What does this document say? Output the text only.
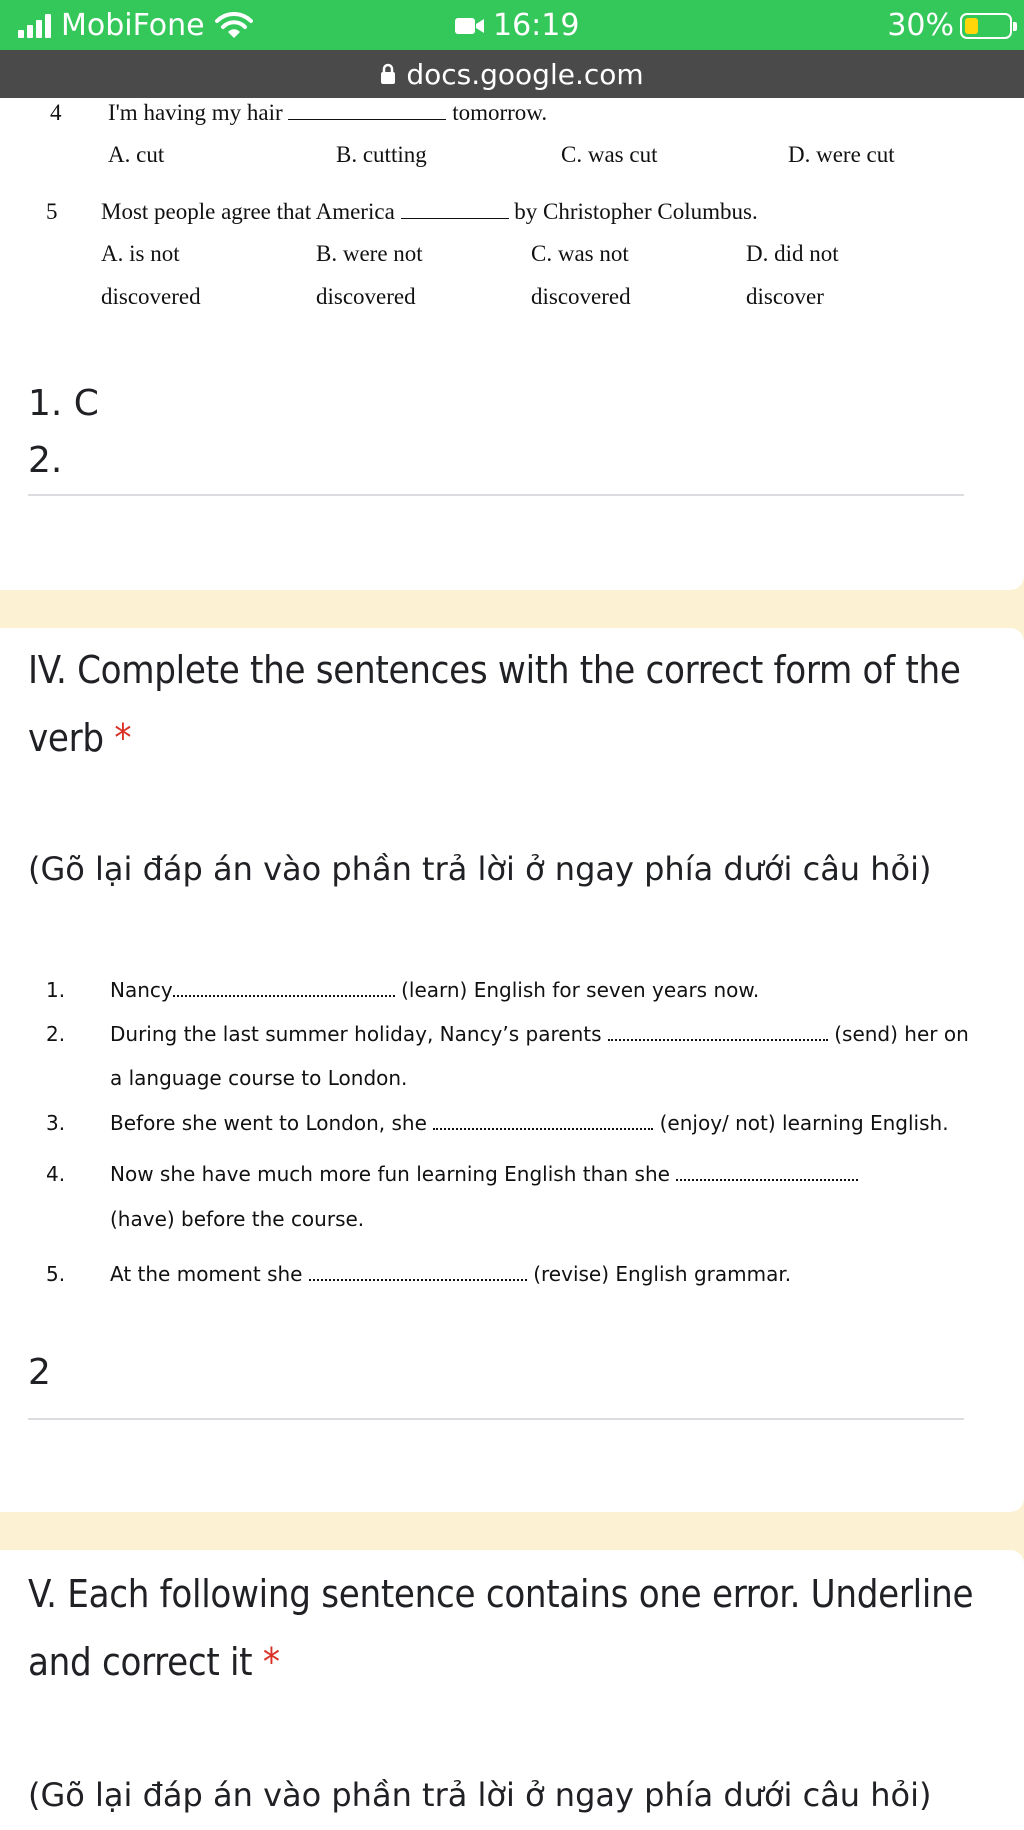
MobiFone	16:19	30%
docs.google.com
4 I'm having my hair	tomorrow.
A. cut	B. cutting	C. was cut	D. were cut
5 Most people agree that America	by Christopher Columbus.
A. is not
discovered
B. were not
discovered
C. was not
discovered
D. did not
discover
1. C
2.
IV. Complete the sentences with the correct form of the verb *
(Gõ lại đáp án vào phần trả lời ở ngay phía dưới câu hỏi)
1. Nancy	(learn) English for seven years now.
2. During the last summer holiday, Nancy’s parents	(send) her on
a language course to London.
3. Before she went to London, she	(enjoy/ not) learning English.
4. Now she have much more fun learning English than she
(have) before the course.
5. At the moment she	(revise) English grammar.
2
V. Each following sentence contains one error. Underline and correct it *
(Gõ lại đáp án vào phần trả lời ở ngay phía dưới câu hỏi)
